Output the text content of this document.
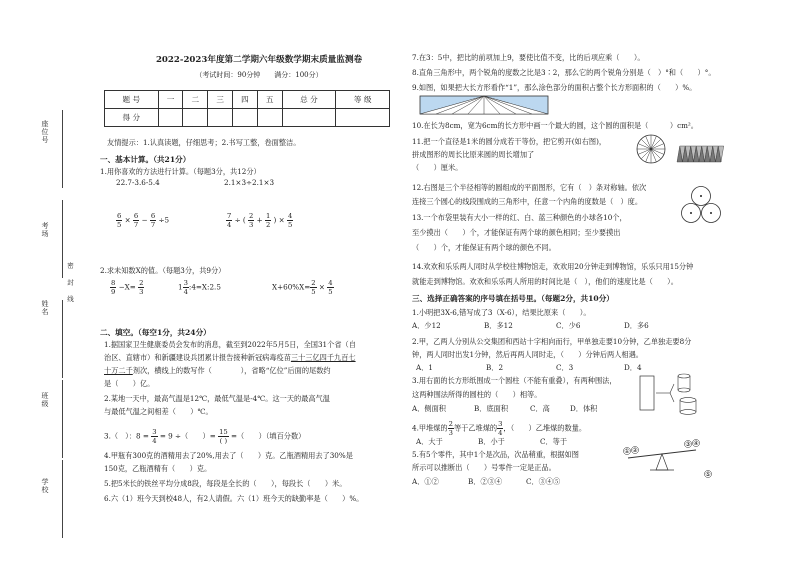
座位号
考场
姓名
密 封 线
班级
学校
2022-2023年度第二学期六年级数学期末质量监测卷
（考试时间：90分钟　　满分：100分）
题 号	一	二	三	四	五	总 分	等 级
得 分							
友情提示：1.认真读题，仔细思考；2.书写工整，卷面整洁。
一、基本计算。（共21分）
1.用你喜欢的方法进行计算。（每题3分，共12分）
22.7-3.6-5.4	2.1×3÷2.1×3
$\frac{6}{5} \times \frac{6}{7} - \frac{6}{7} \div 5$	$\frac{7}{4}$ ÷ ( $\frac{2}{3} + \frac{1}{2}$ ) × $\frac{4}{5}$
2.求未知数X的值。（每题3分，共9分）
$\frac{8}{9} -X= \frac{2}{3}$	$1 \frac{3}{4}$ :4=X:2.5	$X+60\%X= \frac{2}{5} \times \frac{4}{5}$
二、填空。（每空1分，共24分）
1.据国家卫生健康委员会发布的消息，截至到2022年5月5日，全国31个省（自
治区、直辖市）和新疆建设兵团累计报告接种新冠病毒疫苗三十三亿四千九百七
十万二千剂次，横线上的数写作（　　　　），省略“亿位”后面的尾数约
是（　　）亿。
2.某地一天中，最高气温是12℃，最低气温是-4℃。这一天的最高气温
与最低气温之间相差（　　）℃。
3.（　）：$8 = \frac{3}{4} = 9$ ÷（　　）= $\frac{15}{( )}$ =（　　）（填百分数）
4.甲瓶有300克的酒精用去了20%,用去了（　　）克。乙瓶酒精用去了30%是
150克，乙瓶酒精有（　　）克。
5.把5米长的铁丝平均分成8段，每段是全长的（　　），每段长（　　）米。
6.六（1）班今天到校48人，有2人请假。六（1）班今天的缺勤率是（　　）%。
7.在3：5中，把比的前项加上9，要使比值不变，比的后项应乘（　　）。
8.直角三角形中，两个锐角的度数之比是3∶2，那么它的两个锐角分别是（　）°和（　　）°。
9.如图，如果把大长方形看作“1”，那么涂色部分的面积占整个长方形面积的（　　）%。
10.在长为8cm，宽为6cm的长方形中画一个最大的圆，这个圆的面积是（　　　）cm²。
11.把一个直径是1米的圆分成若干等份，把它剪开(如右图)，
拼成图形的周长比原来圆的周长增加了
（　　）厘米。
12.右图是三个半径相等的圆组成的平面图形，它有（　）条对称轴。依次
连接三个圆心的线段围成的三角形中，任意一个内角的度数是（　）度。
13.一个布袋里装有大小一样的红、白、蓝三种颜色的小球各10个，
至少摸出（　　）个，才能保证有两个球的颜色相同；至少要摸出
（　　）个，才能保证有两个球的颜色不同。
14.欢欢和乐乐两人同时从学校往博物馆走，欢欢用20分钟走到博物馆，乐乐只用15分钟
就能走到博物馆。欢欢和乐乐两人所用的时间比是（　），他们的速度比是（　　）。
三、选择正确答案的序号填在括号里。（每题2分，共10分）
1.小明把3X-6,错写成了3（X-6），结果比原来（　　）。
A．少12	B．多12	C．少6	D．多6
2.甲，乙两人分别从公交集团和西站十字相向而行，甲单独走要10分钟，乙单独走要8分
钟，两人同时出发1分钟，然后再两人同时走，（　　）分钟后两人相遇。
A．1	B．2	C．3	D．4
3.用右面的长方形纸围成一个圆柱（不能有重叠），有两种围法，
这两种围法所得的圆柱的（　　）相等。
A．侧面积	B．底面积	C．高	D．体积
4.甲堆煤的 $\frac{2}{3}$ 等于乙堆煤的 $\frac{3}{4}$ ，（　　）乙堆煤的数量。
A．大于	B．小于	C．等于
5.有5个零件，其中1个是次品，次品稍重，根据如图
所示可以推断出（　　）号零件一定是正品。
A．①②	B．②③④	C．③④⑤
① ②
③ ④
⑤
